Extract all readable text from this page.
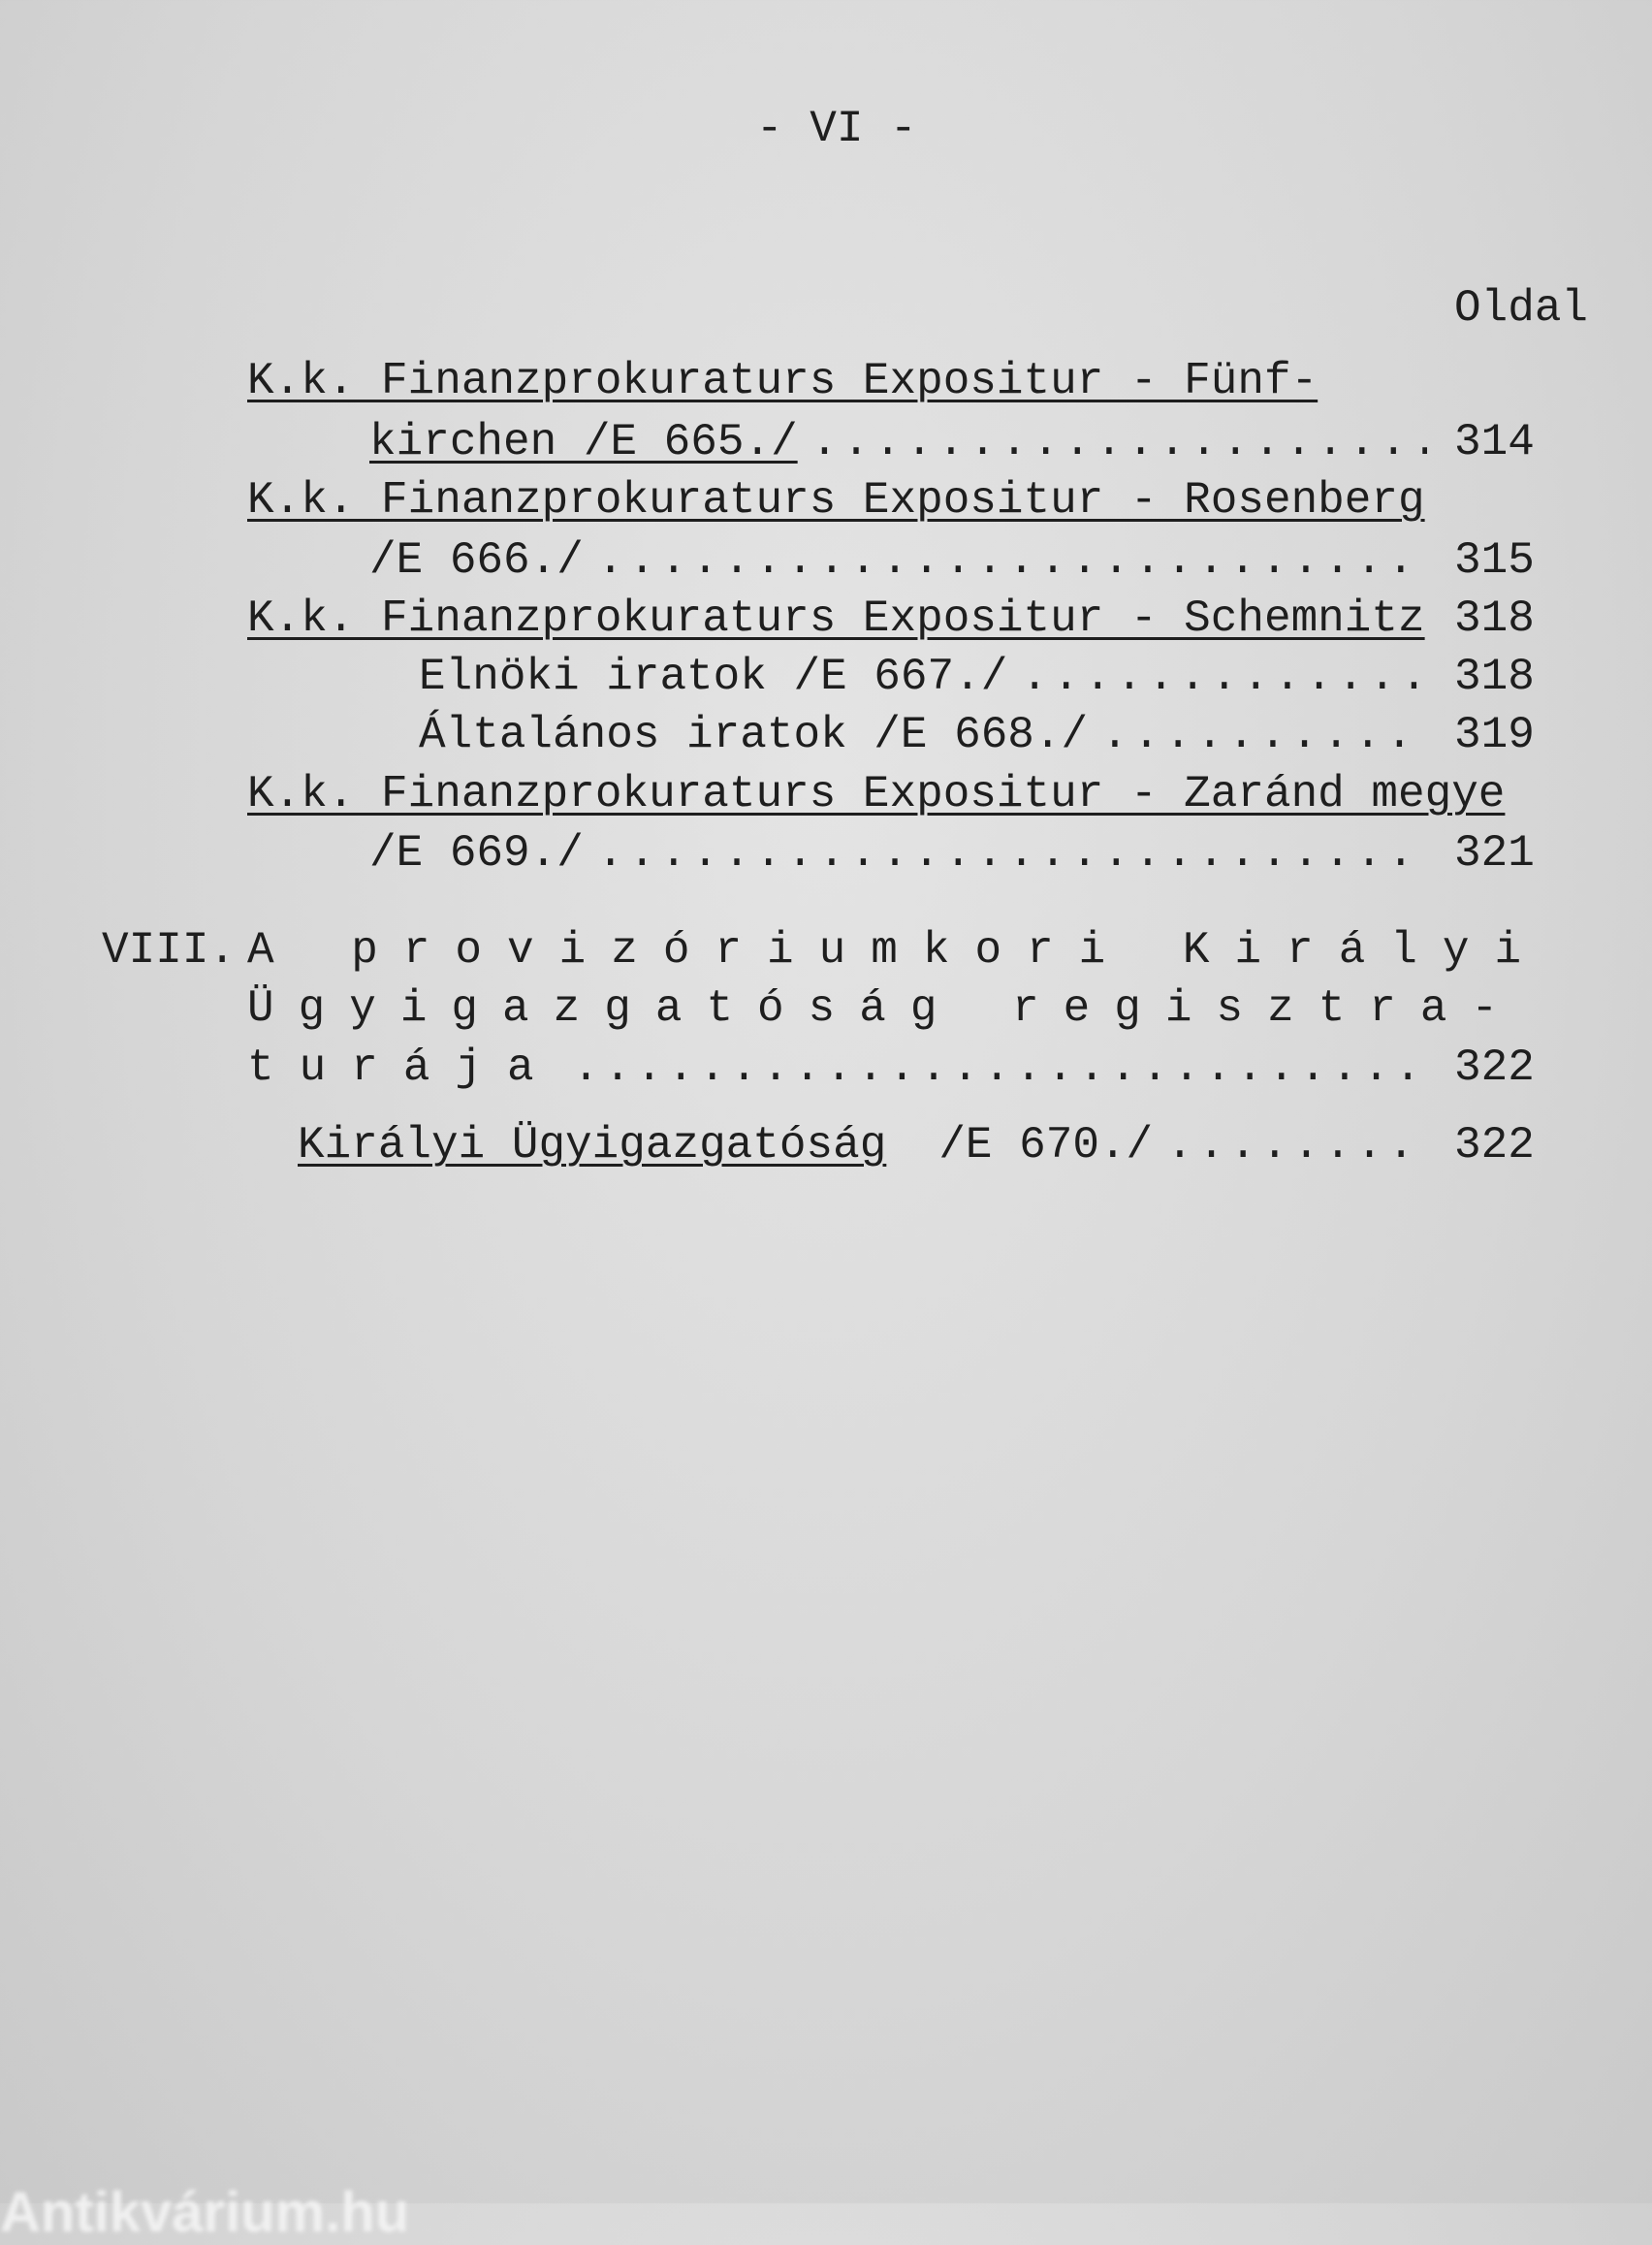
- VI -
Oldal
K.k. Finanzprokuraturs Expositur - Fünf-
kirchen /E 665./ .....	314
K.k. Finanzprokuraturs Expositur - Rosenberg
/E 666./ .....	315
K.k. Finanzprokuraturs Expositur - Schemnitz 318
Elnöki iratok /E 667./ .....	318
Általános iratok /E 668./ .....	319
K.k. Finanzprokuraturs Expositur - Zaránd megye
/E 669./ .....	321
VIII. A provizóriumkori Királyi
Ügyigazgatóság regisztra-
turája .....	322
Királyi Ügyigazgatóság /E 670./ .....	322
Antikvárium.hu
